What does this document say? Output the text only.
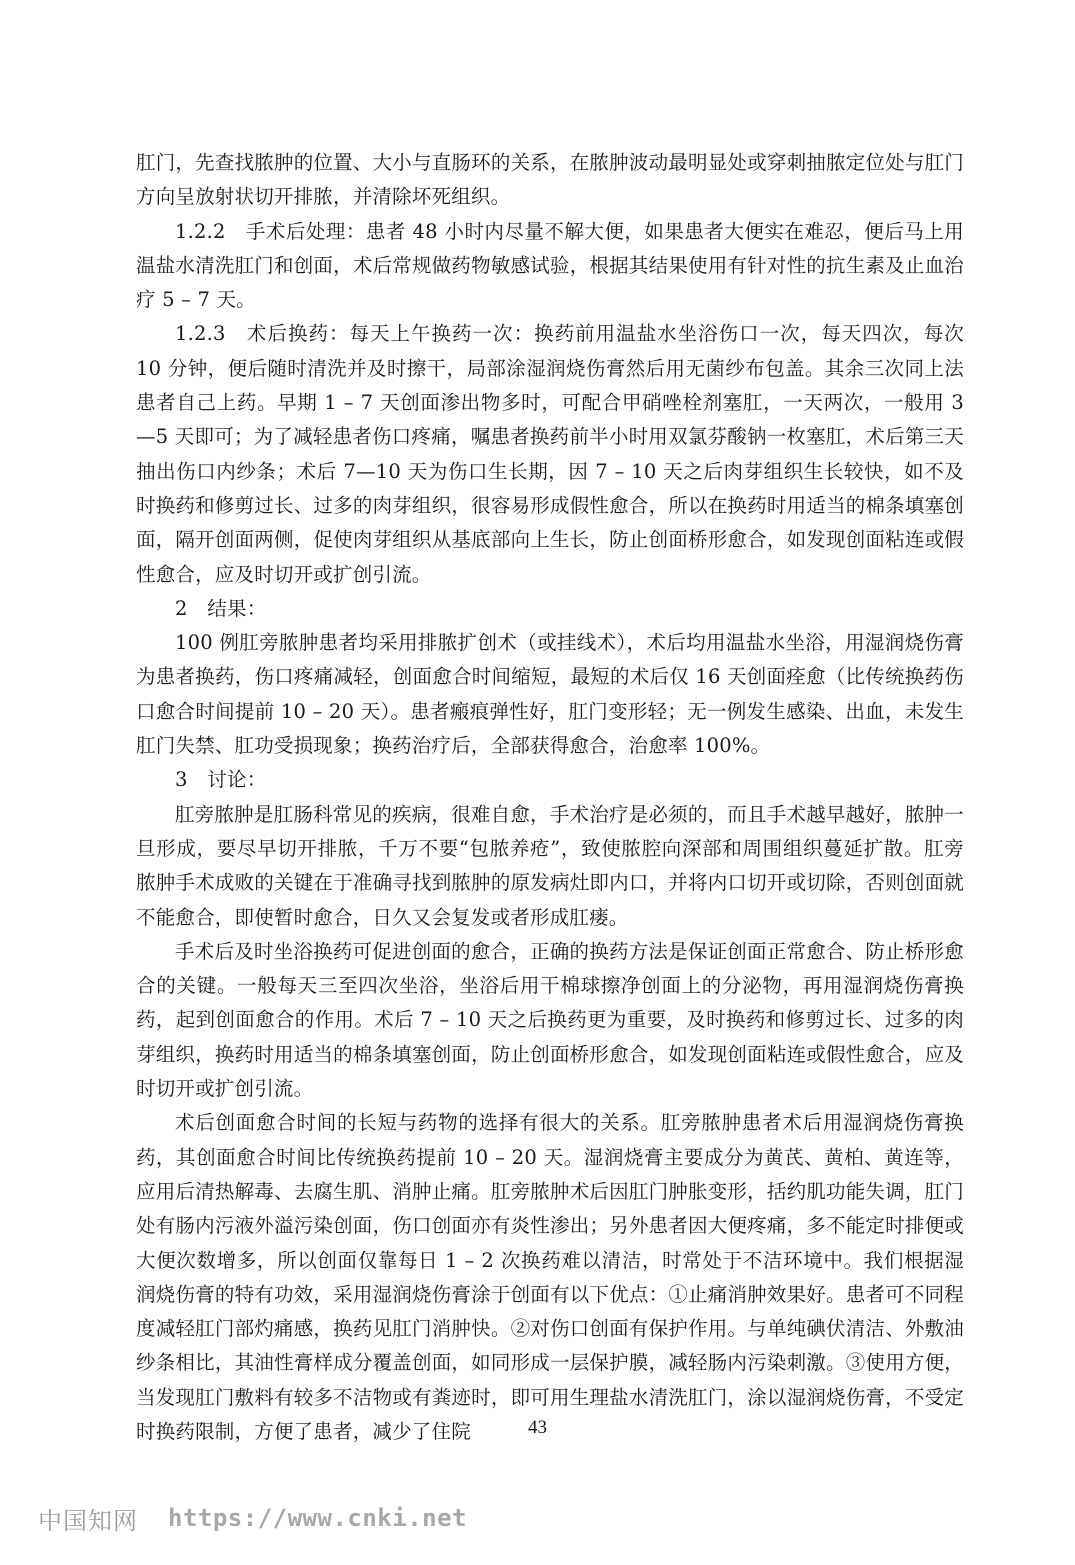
肛门，先查找脓肿的位置、大小与直肠环的关系，在脓肿波动最明显处或穿刺抽脓定位处与肛门方向呈放射状切开排脓，并清除坏死组织。

1.2.2　手术后处理：患者 48 小时内尽量不解大便，如果患者大便实在难忍，便后马上用温盐水清洗肛门和创面，术后常规做药物敏感试验，根据其结果使用有针对性的抗生素及止血治疗 5 – 7 天。

1.2.3　术后换药：每天上午换药一次：换药前用温盐水坐浴伤口一次，每天四次，每次 10 分钟，便后随时清洗并及时擦干，局部涂湿润烧伤膏然后用无菌纱布包盖。其余三次同上法患者自己上药。早期 1 – 7 天创面渗出物多时，可配合甲硝唑栓剂塞肛，一天两次，一般用 3—5 天即可；为了减轻患者伤口疼痛，嘱患者换药前半小时用双氯芬酸钠一枚塞肛，术后第三天抽出伤口内纱条；术后 7—10 天为伤口生长期，因 7 – 10 天之后肉芽组织生长较快，如不及时换药和修剪过长、过多的肉芽组织，很容易形成假性愈合，所以在换药时用适当的棉条填塞创面，隔开创面两侧，促使肉芽组织从基底部向上生长，防止创面桥形愈合，如发现创面粘连或假性愈合，应及时切开或扩创引流。

2　结果：

100 例肛旁脓肿患者均采用排脓扩创术（或挂线术），术后均用温盐水坐浴，用湿润烧伤膏为患者换药，伤口疼痛减轻，创面愈合时间缩短，最短的术后仅 16 天创面痊愈（比传统换药伤口愈合时间提前 10 – 20 天）。患者瘢痕弹性好，肛门变形轻；无一例发生感染、出血，未发生肛门失禁、肛功受损现象；换药治疗后，全部获得愈合，治愈率 100%。

3　讨论：

肛旁脓肿是肛肠科常见的疾病，很难自愈，手术治疗是必须的，而且手术越早越好，脓肿一旦形成，要尽早切开排脓，千万不要“包脓养疮”，致使脓腔向深部和周围组织蔓延扩散。肛旁脓肿手术成败的关键在于准确寻找到脓肿的原发病灶即内口，并将内口切开或切除，否则创面就不能愈合，即使暂时愈合，日久又会复发或者形成肛瘘。

手术后及时坐浴换药可促进创面的愈合，正确的换药方法是保证创面正常愈合、防止桥形愈合的关键。一般每天三至四次坐浴，坐浴后用干棉球擦净创面上的分泌物，再用湿润烧伤膏换药，起到创面愈合的作用。术后 7 – 10 天之后换药更为重要，及时换药和修剪过长、过多的肉芽组织，换药时用适当的棉条填塞创面，防止创面桥形愈合，如发现创面粘连或假性愈合，应及时切开或扩创引流。

术后创面愈合时间的长短与药物的选择有很大的关系。肛旁脓肿患者术后用湿润烧伤膏换药，其创面愈合时间比传统换药提前 10 – 20 天。湿润烧膏主要成分为黄芪、黄柏、黄连等，应用后清热解毒、去腐生肌、消肿止痛。肛旁脓肿术后因肛门肿胀变形，括约肌功能失调，肛门处有肠内污液外溢污染创面，伤口创面亦有炎性渗出；另外患者因大便疼痛，多不能定时排便或大便次数增多，所以创面仅靠每日 1 – 2 次换药难以清洁，时常处于不洁环境中。我们根据湿润烧伤膏的特有功效，采用湿润烧伤膏涂于创面有以下优点：①止痛消肿效果好。患者可不同程度减轻肛门部灼痛感，换药见肛门消肿快。②对伤口创面有保护作用。与单纯碘伏清洁、外敷油纱条相比，其油性膏样成分覆盖创面，如同形成一层保护膜，减轻肠内污染刺激。③使用方便，当发现肛门敷料有较多不洁物或有粪迹时，即可用生理盐水清洗肛门，涂以湿润烧伤膏，不受定时换药限制，方便了患者，减少了住院	43
中国知网 https://www.cnki.net
